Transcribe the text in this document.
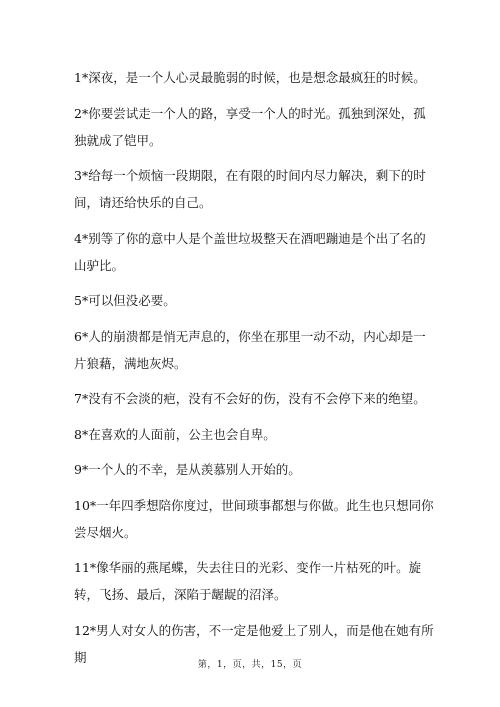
1*深夜，是一个人心灵最脆弱的时候，也是想念最疯狂的时候。

2*你要尝试走一个人的路，享受一个人的时光。孤独到深处，孤独就成了铠甲。

3*给每一个烦恼一段期限，在有限的时间内尽力解决，剩下的时间，请还给快乐的自己。

4*别等了你的意中人是个盖世垃圾整天在酒吧蹦迪是个出了名的山驴比。

5*可以但没必要。

6*人的崩溃都是悄无声息的，你坐在那里一动不动，内心却是一片狼藉，满地灰烬。

7*没有不会淡的疤，没有不会好的伤，没有不会停下来的绝望。

8*在喜欢的人面前，公主也会自卑。

9*一个人的不幸，是从羡慕别人开始的。

10*一年四季想陪你度过，世间琐事都想与你做。此生也只想同你尝尽烟火。

11*像华丽的燕尾蝶，失去往日的光彩、变作一片枯死的叶。旋转，飞扬、最后，深陷于龌龊的沼泽。

12*男人对女人的伤害，不一定是他爱上了别人，而是他在她有所期

第，1，页，共，15，页
